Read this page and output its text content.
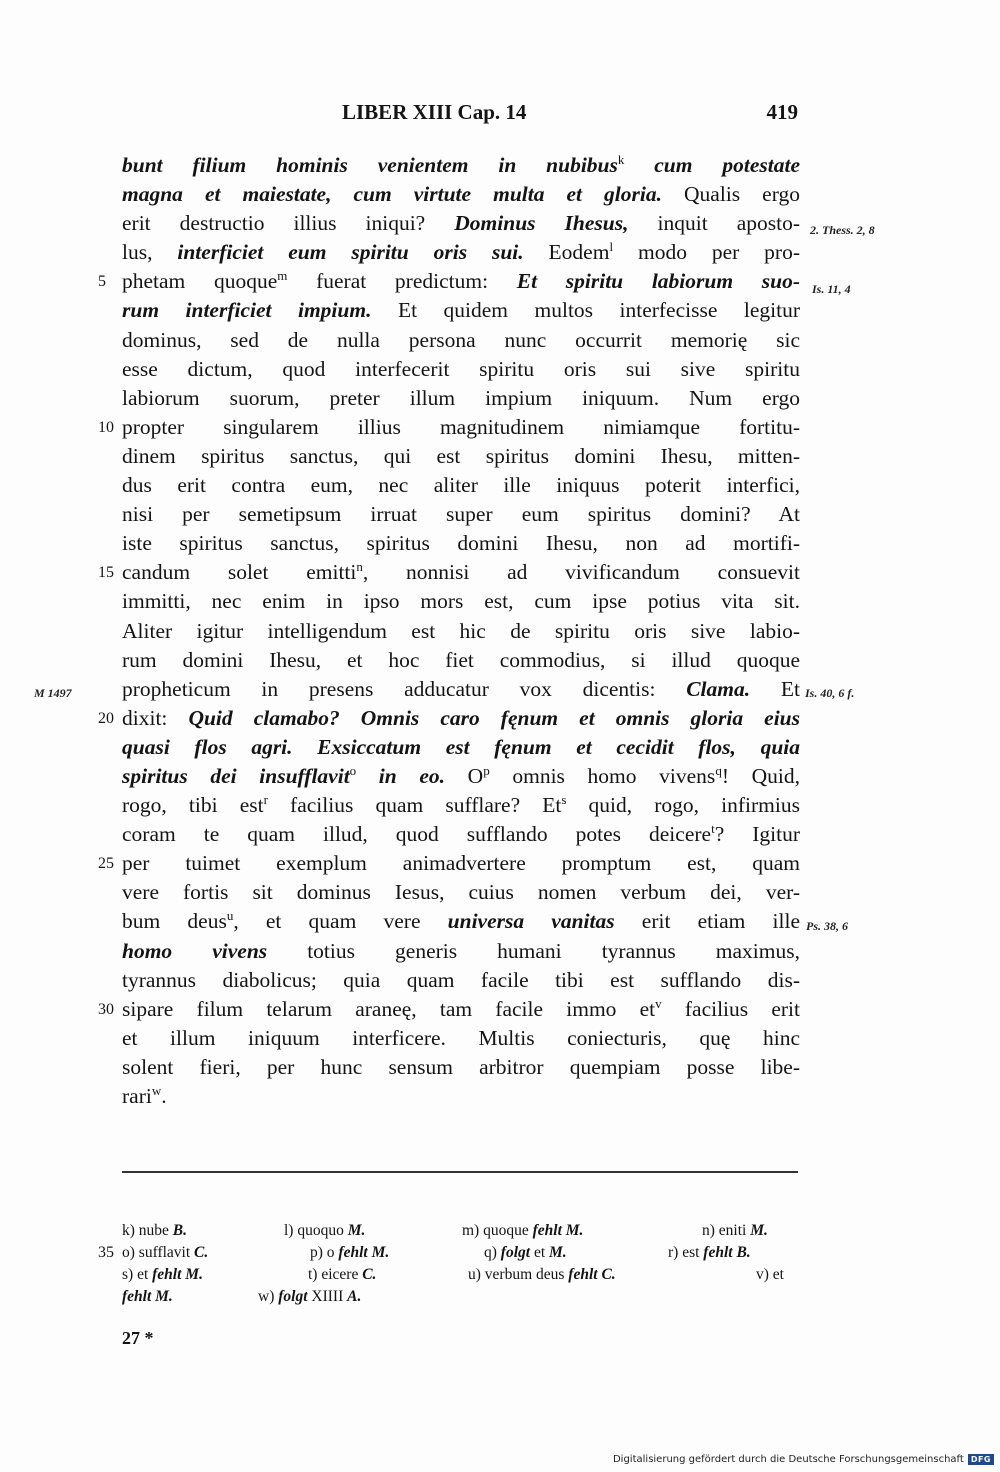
LIBER XIII Cap. 14	419
M 1497
2. Thess. 2, 8
Is. 11, 4
Is. 40, 6 f.
Ps. 38, 6
bunt filium hominis venientem in nubibus$^k$ cum potestate
magna et maiestate, cum virtute multa et gloria. Qualis ergo
erit destructio illius iniqui? Dominus Ihesus, inquit aposto-
lus, interficiet eum spiritu oris sui. Eodem$^l$ modo per pro-
5 phetam quoque$^m$ fuerat predictum: Et spiritu labiorum suo-
rum interficiet impium. Et quidem multos interfecisse legitur
dominus, sed de nulla persona nunc occurrit memorię sic
esse dictum, quod interfecerit spiritu oris sui sive spiritu
labiorum suorum, preter illum impium iniquum. Num ergo
10 propter singularem illius magnitudinem nimiamque fortitu-
dinem spiritus sanctus, qui est spiritus domini Ihesu, mitten-
dus erit contra eum, nec aliter ille iniquus poterit interfici,
nisi per semetipsum irruat super eum spiritus domini? At
iste spiritus sanctus, spiritus domini Ihesu, non ad mortifi-
15 candum solet emitti$^n$, nonnisi ad vivificandum consuevit
immitti, nec enim in ipso mors est, cum ipse potius vita sit.
Aliter igitur intelligendum est hic de spiritu oris sive labio-
rum domini Ihesu, et hoc fiet commodius, si illud quoque
propheticum in presens adducatur vox dicentis: Clama. Et
20 dixit: Quid clamabo? Omnis caro fęnum et omnis gloria eius
quasi flos agri. Exsiccatum est fęnum et cecidit flos, quia
spiritus dei insufflavit$^o$ in eo. $O^p$ omnis homo vivens$^q$! Quid,
rogo, tibi est$^r$ facilius quam sufflare? Et$^s$ quid, rogo, infirmius
coram te quam illud, quod sufflando potes deicere$^t$? Igitur
25 per tuimet exemplum animadvertere promptum est, quam
vere fortis sit dominus Iesus, cuius nomen verbum dei, ver-
bum deus$^u$, et quam vere universa vanitas erit etiam ille
homo vivens totius generis humani tyrannus maximus,
tyrannus diabolicus; quia quam facile tibi est sufflando dis-
30 sipare filum telarum araneę, tam facile immo $et^v$ facilius erit
et illum iniquum interficere. Multis coniecturis, quę hinc
solent fieri, per hunc sensum arbitror quempiam posse libe-
rari$^w$.
k) nube B.	l) quoquo M.	m) quoque fehlt M.	n) eniti M.
35 o) sufflavit C.	p) o fehlt M.	q) folgt et M.	r) est fehlt B.
s) et fehlt M.	t) eicere C.	u) verbum deus fehlt C.	v) et
fehlt M.	w) folgt XIIII A.
27 *
Digitalisierung gefördert durch die Deutsche Forschungsgemeinschaft DFG
